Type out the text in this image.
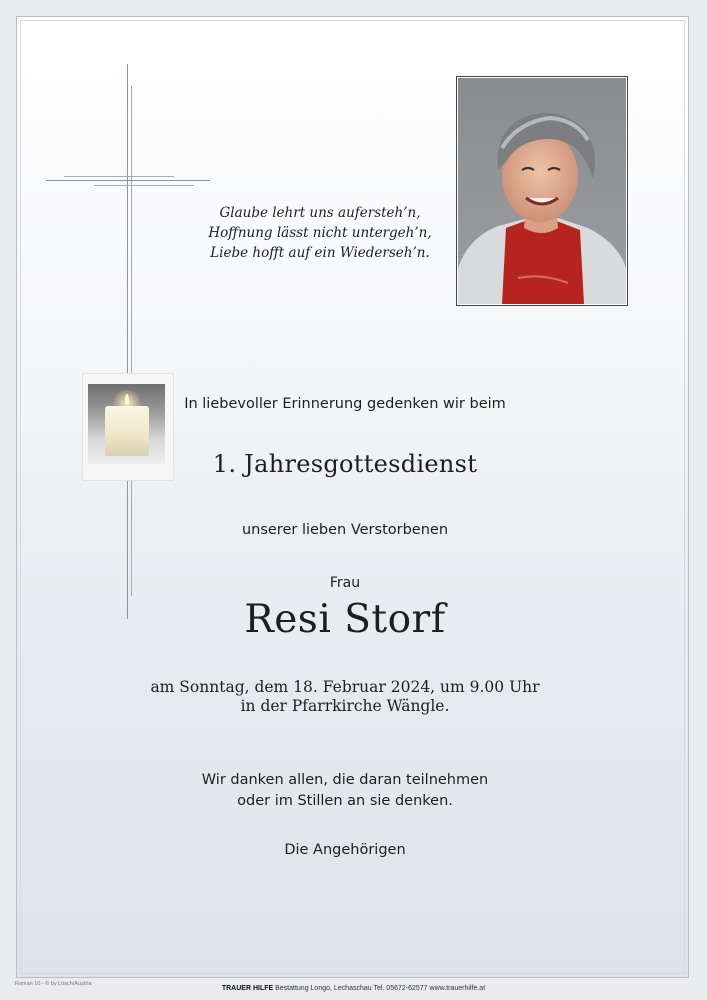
Glaube lehrt uns aufersteh’n,
Hoffnung lässt nicht untergeh’n,
Liebe hofft auf ein Wiederseh’n.
In liebevoller Erinnerung gedenken wir beim
1. Jahresgottesdienst
unserer lieben Verstorbenen
Frau
Resi Storf
am Sonntag, dem 18. Februar 2024, um 9.00 Uhr
in der Pfarrkirche Wängle.
Wir danken allen, die daran teilnehmen
oder im Stillen an sie denken.
Die Angehörigen
Roman 10 - © by Lösch/Austria
TRAUER HILFE Bestattung Longo, Lechaschau Tel. 05672-62577 www.trauerhilfe.at
